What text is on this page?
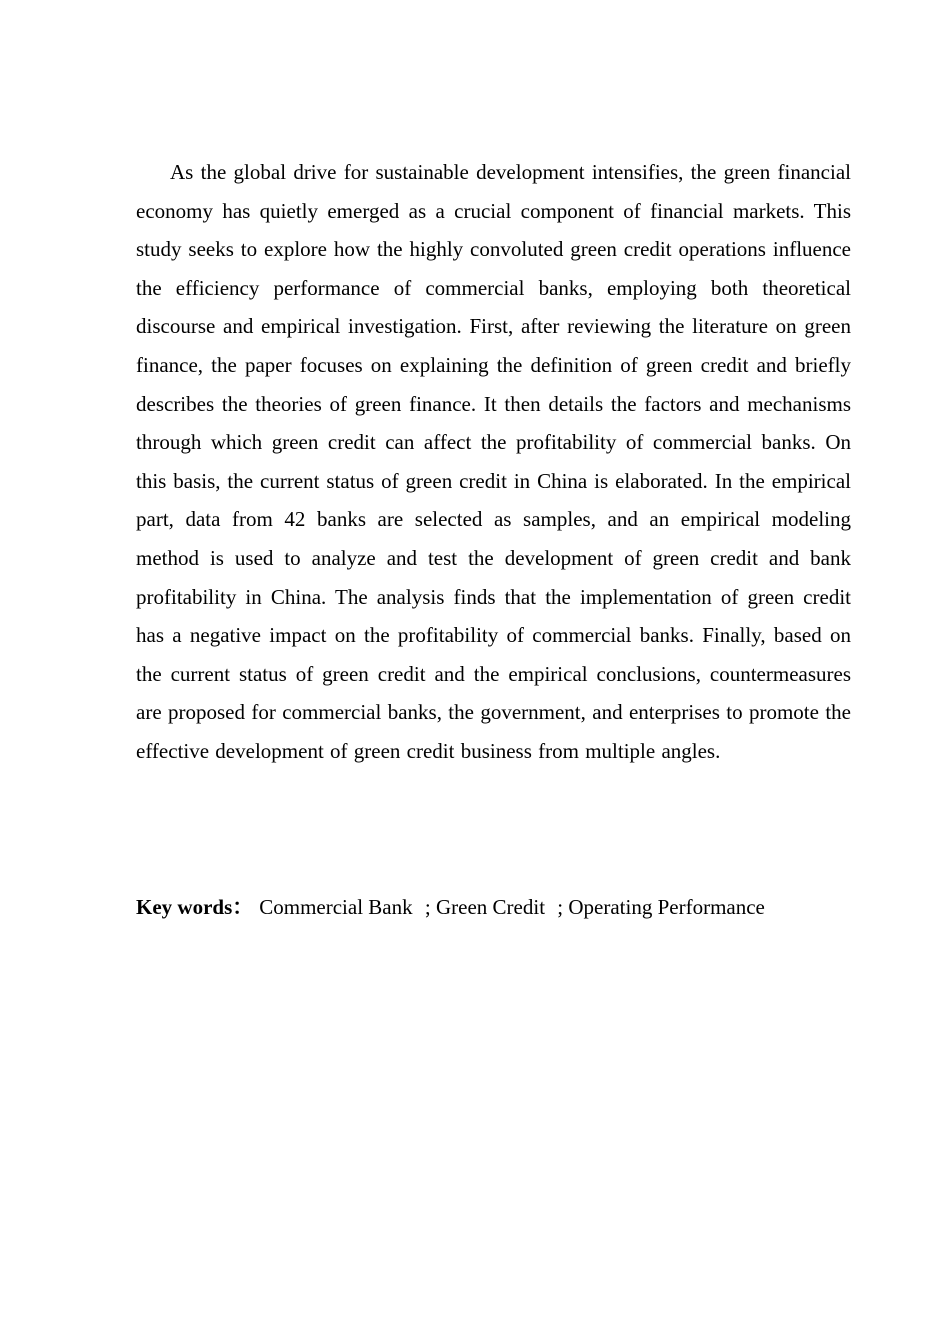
As the global drive for sustainable development intensifies, the green financial economy has quietly emerged as a crucial component of financial markets. This study seeks to explore how the highly convoluted green credit operations influence the efficiency performance of commercial banks, employing both theoretical discourse and empirical investigation. First, after reviewing the literature on green finance, the paper focuses on explaining the definition of green credit and briefly describes the theories of green finance. It then details the factors and mechanisms through which green credit can affect the profitability of commercial banks. On this basis, the current status of green credit in China is elaborated. In the empirical part, data from 42 banks are selected as samples, and an empirical modeling method is used to analyze and test the development of green credit and bank profitability in China. The analysis finds that the implementation of green credit has a negative impact on the profitability of commercial banks. Finally, based on the current status of green credit and the empirical conclusions, countermeasures are proposed for commercial banks, the government, and enterprises to promote the effective development of green credit business from multiple angles.

Key words： Commercial Bank ; Green Credit ; Operating Performance
